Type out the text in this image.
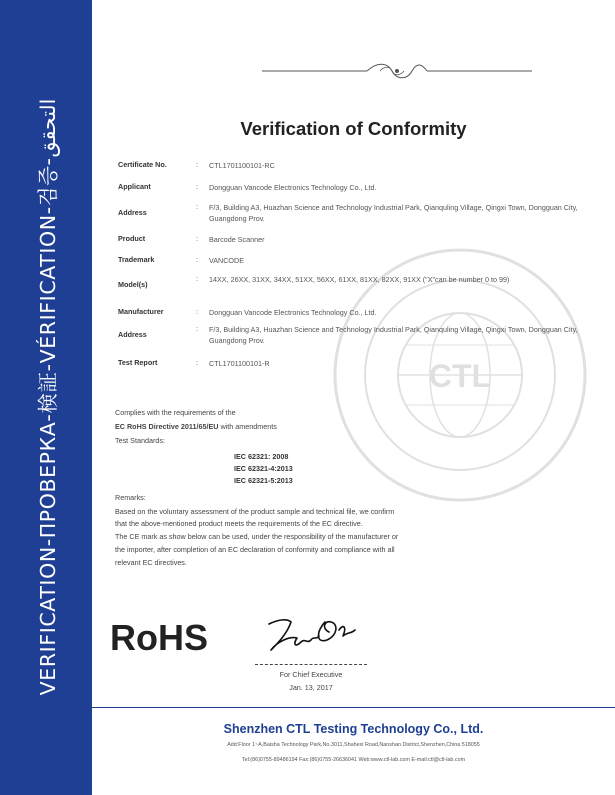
VERIFICATION-ПРОВЕРКА-検証-VÉRIFICATION-검증-التحقق	Verification of Conformity
CTL
Certificate No.	: CTL1701100101-RC
Applicant	: Dongguan Vancode Electronics Technology Co., Ltd.
Address
: F/3, Building A3, Huazhan Science and Technology Industrial Park, Qianquling Village, Qingxi Town, Dongguan City, Guangdong Prov.
Product	: Barcode Scanner
Trademark	: VANCODE
Model(s)
: 14XX, 26XX, 31XX, 34XX, 51XX, 56XX, 61XX, 81XX, 82XX, 91XX ("X"can be number 0 to 99)
Manufacturer	: Dongguan Vancode Electronics Technology Co., Ltd.
Address
: F/3, Building A3, Huazhan Science and Technology Industrial Park, Qianquling Village, Qingxi Town, Dongguan City, Guangdong Prov.
Test Report	: CTL1701100101-R
Complies with the requirements of the
EC RoHS Directive 2011/65/EU with amendments
Test Standards:
IEC 62321: 2008
IEC 62321-4:2013
IEC 62321-5:2013
Remarks:
Based on the voluntary assessment of the product sample and technical file, we confirm
that the above-mentioned product meets the requirements of the EC directive.
The CE mark as show below can be used, under the responsibility of the manufacturer or
the importer, after completion of an EC declaration of conformity and compliance with all
relevant EC directives.
RoHS
For Chief Executive
Jan. 13, 2017
Shenzhen CTL Testing Technology Co., Ltd.
Add:Floor 1~A,Baisha Technology Park,No.3011,Shahexi Road,Nanshan District,Shenzhen,China 518055
Tel:(86)0755-89486194 Fax:(86)0755-26636041 Web:www.ctl-lab.com E-mail:ctl@ctl-lab.com
